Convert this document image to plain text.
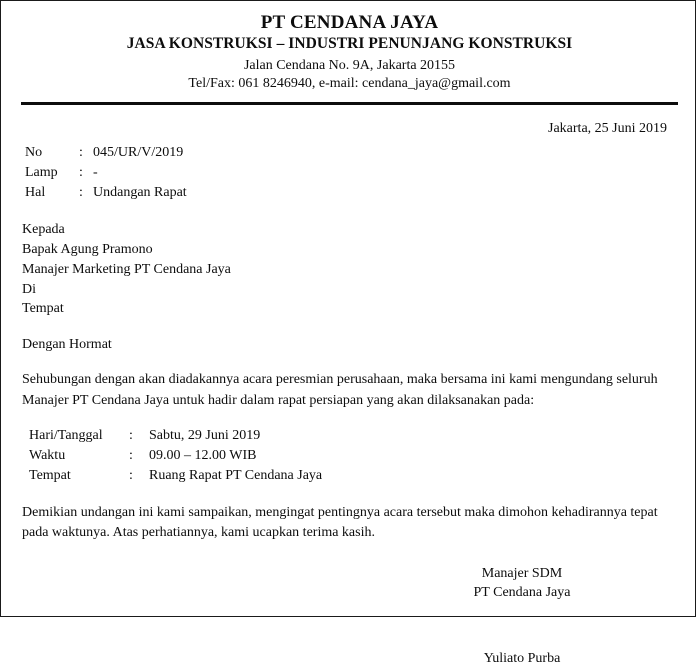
PT CENDANA JAYA
JASA KONSTRUKSI – INDUSTRI PENUNJANG KONSTRUKSI
Jalan Cendana No. 9A, Jakarta 20155
Tel/Fax: 061 8246940, e-mail: cendana_jaya@gmail.com
Jakarta, 25 Juni 2019
No	: 045/UR/V/2019
Lamp	: -
Hal	: Undangan Rapat
Kepada
Bapak Agung Pramono
Manajer Marketing PT Cendana Jaya
Di
Tempat
Dengan Hormat
Sehubungan dengan akan diadakannya acara peresmian perusahaan, maka bersama ini kami mengundang seluruh Manajer PT Cendana Jaya untuk hadir dalam rapat persiapan yang akan dilaksanakan pada:
Hari/Tanggal	:	Sabtu, 29 Juni 2019
Waktu	:	09.00 – 12.00 WIB
Tempat	:	Ruang Rapat PT Cendana Jaya
Demikian undangan ini kami sampaikan, mengingat pentingnya acara tersebut maka dimohon kehadirannya tepat pada waktunya. Atas perhatiannya, kami ucapkan terima kasih.
Manajer SDM
PT Cendana Jaya
Yuliato Purba
